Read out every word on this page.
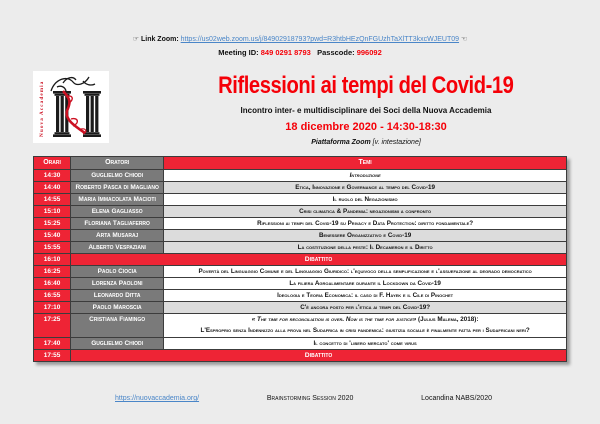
☞ Link Zoom: https://us02web.zoom.us/j/84902918793?pwd=R3htbHEzQnFGUzhTaXlTT3kxcWJEUT09 ☜
Meeting ID: 849 0291 8793 Passcode: 996092
Nuova Accademia	Riflessioni ai tempi del Covid-19
Incontro inter- e multidisciplinare dei Soci della Nuova Accademia
18 dicembre 2020 - 14:30-18:30
Piattaforma Zoom [v. intestazione]
Orari	Oratori	Temi
14:30	Guglielmo Chiodi	Introduzione
14:40	Roberto Pasca di Magliano	Etica, Innovazione e Governance al tempo del Covid-19
14:55	Maria Immacolata Macioti	Il ruolo del Negazionismo
15:10	Elena Gagliasso	Crisi climatica & Pandemia: negazionismi a confronto
15:25	Floriana Tagliaferro	Riflessioni ai tempi del Covid-19 su Privacy e Data Protection: diritto fondamentale?
15:40	Arta Musaraj	Benessere Organizzativo e Covid-19
15:55	Alberto Vespaziani	La costituzione della peste: Il Decameron e il Diritto
16:10	Dibattito	
16:25	Paolo Ciocia	Povertà del Linguaggio Comune e del Linguaggio Giuridico: l'equivoco della semplificazione e l'assuefazione al degrado democratico
16:40	Lorenza Paoloni	La filiera Agroalimentare durante il Lockdown da Covid-19
16:55	Leonardo Ditta	Ideologia e Teoria Economica: il caso di F. Hayek e il Cile di Pinochet
17:10	Paolo Maroscia	C'è ancora posto per l'etica ai tempi del Covid-19?
17:25	Cristiana Fiamingo	« The time for reconciliation is over. Now is the time for justice» (Julius Malema, 2018):
L'Esproprio senza Indennizzo alla prova nel Sudafrica in crisi pandemica: giustizia sociale è finalmente fatta per i Sudafricani neri?

17:40	Guglielmo Chiodi	Il concetto di 'libero mercato' come virus
17:55	Dibattito	
https://nuovaccademia.org/	Brainstorming Session 2020	Locandina NABS/2020
